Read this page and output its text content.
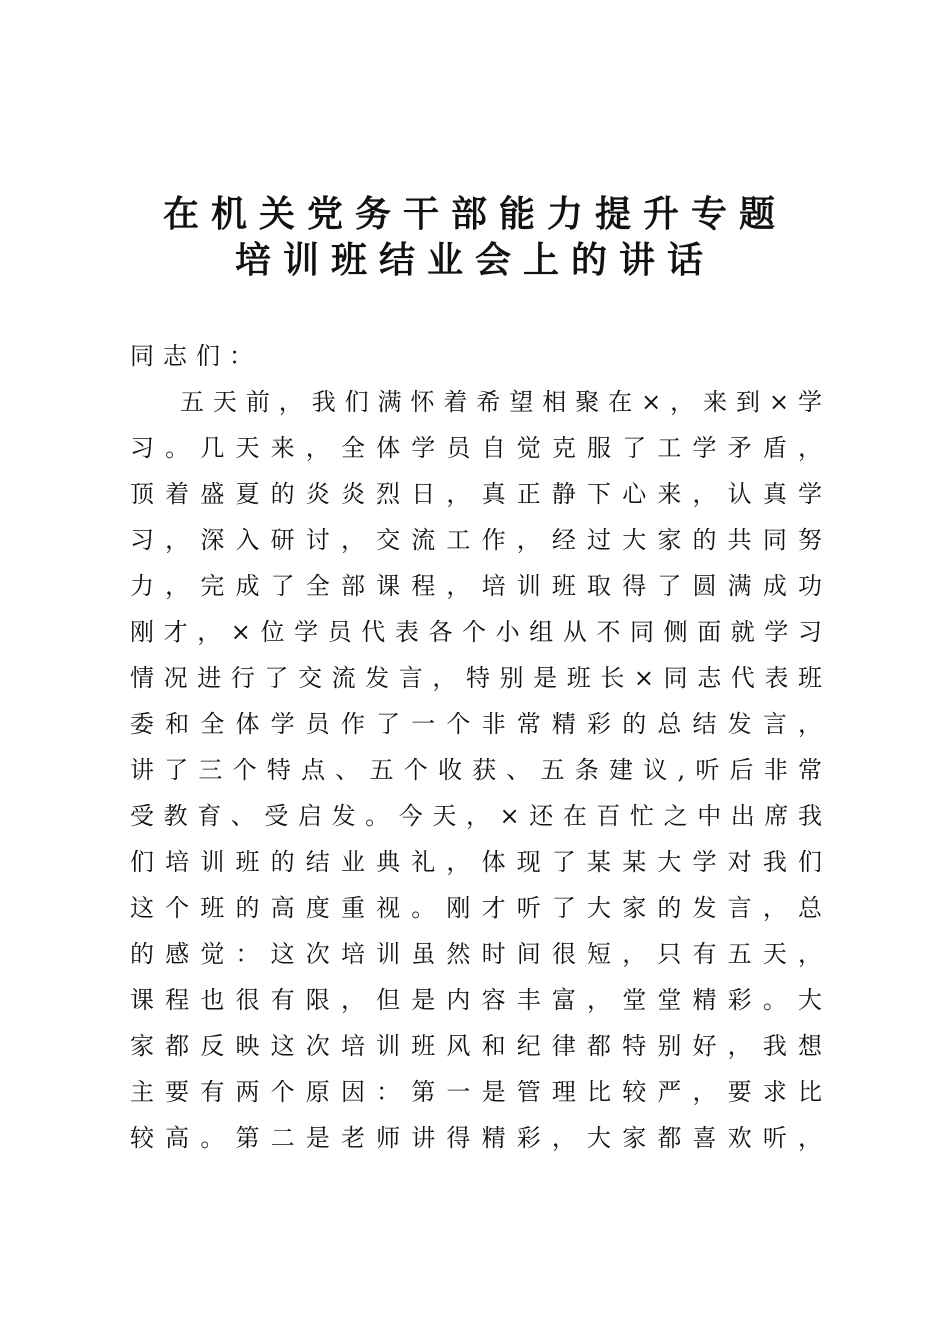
在机关党务干部能力提升专题
培训班结业会上的讲话
同志们：
五天前，我们满怀着希望相聚在×，来到×学
习。几天来，全体学员自觉克服了工学矛盾，
顶着盛夏的炎炎烈日，真正静下心来，认真学
习，深入研讨，交流工作，经过大家的共同努
力，完成了全部课程，培训班取得了圆满成功
刚才，×位学员代表各个小组从不同侧面就学习
情况进行了交流发言，特别是班长×同志代表班
委和全体学员作了一个非常精彩的总结发言，
讲了三个特点、五个收获、五条建议,听后非常
受教育、受启发。今天，×还在百忙之中出席我
们培训班的结业典礼，体现了某某大学对我们
这个班的高度重视。刚才听了大家的发言，总
的感觉：这次培训虽然时间很短，只有五天，
课程也很有限，但是内容丰富，堂堂精彩。大
家都反映这次培训班风和纪律都特别好，我想
主要有两个原因：第一是管理比较严，要求比
较高。第二是老师讲得精彩，大家都喜欢听，
